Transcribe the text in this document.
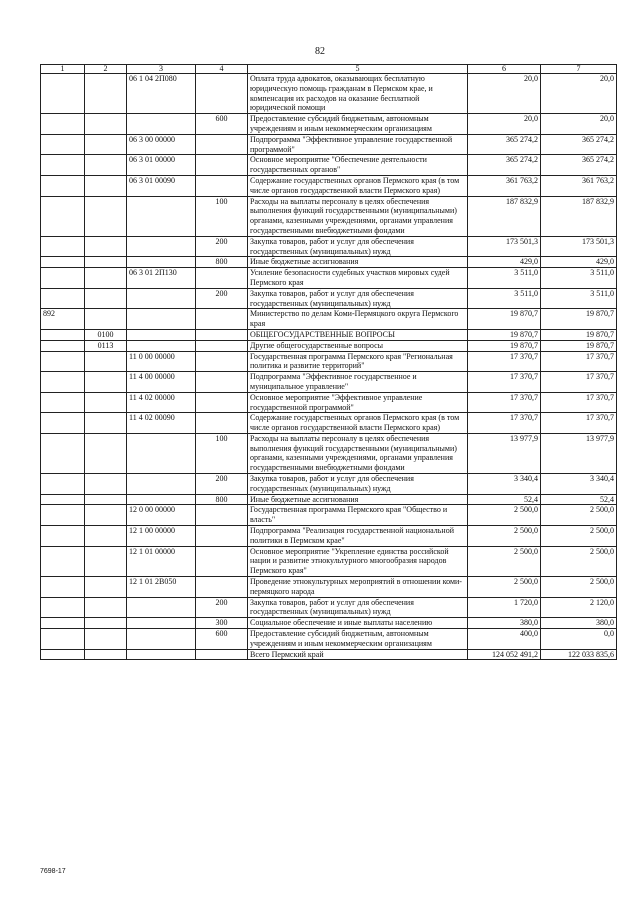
82
1	2	3	4	5	6	7
		06 1 04 2П080		Оплата труда адвокатов, оказывающих бесплатную юридическую помощь гражданам в Пермском крае, и компенсация их расходов на оказание бесплатной юридической помощи	20,0	20,0
			600	Предоставление субсидий бюджетным, автономным учреждениям и иным некоммерческим организациям	20,0	20,0
		06 3 00 00000		Подпрограмма "Эффективное управление государственной программой"	365 274,2	365 274,2
		06 3 01 00000		Основное мероприятие "Обеспечение деятельности государственных органов"	365 274,2	365 274,2
		06 3 01 00090		Содержание государственных органов Пермского края (в том числе органов государственной власти Пермского края)	361 763,2	361 763,2
			100	Расходы на выплаты персоналу в целях обеспечения выполнения функций государственными (муниципальными) органами, казенными учреждениями, органами управления государственными внебюджетными фондами	187 832,9	187 832,9
			200	Закупка товаров, работ и услуг для обеспечения государственных (муниципальных) нужд	173 501,3	173 501,3
			800	Иные бюджетные ассигнования	429,0	429,0
		06 3 01 2П130		Усиление безопасности судебных участков мировых судей Пермского края	3 511,0	3 511,0
			200	Закупка товаров, работ и услуг для обеспечения государственных (муниципальных) нужд	3 511,0	3 511,0
892				Министерство по делам Коми-Пермяцкого округа Пермского края	19 870,7	19 870,7
	0100			ОБЩЕГОСУДАРСТВЕННЫЕ ВОПРОСЫ	19 870,7	19 870,7
	0113			Другие общегосударственные вопросы	19 870,7	19 870,7
		11 0 00 00000		Государственная программа Пермского края "Региональная политика и развитие территорий"	17 370,7	17 370,7
		11 4 00 00000		Подпрограмма "Эффективное государственное и муниципальное управление"	17 370,7	17 370,7
		11 4 02 00000		Основное мероприятие "Эффективное управление государственной программой"	17 370,7	17 370,7
		11 4 02 00090		Содержание государственных органов Пермского края (в том числе органов государственной власти Пермского края)	17 370,7	17 370,7
			100	Расходы на выплаты персоналу в целях обеспечения выполнения функций государственными (муниципальными) органами, казенными учреждениями, органами управления государственными внебюджетными фондами	13 977,9	13 977,9
			200	Закупка товаров, работ и услуг для обеспечения государственных (муниципальных) нужд	3 340,4	3 340,4
			800	Иные бюджетные ассигнования	52,4	52,4
		12 0 00 00000		Государственная программа Пермского края "Общество и власть"	2 500,0	2 500,0
		12 1 00 00000		Подпрограмма "Реализация государственной национальной политики в Пермском крае"	2 500,0	2 500,0
		12 1 01 00000		Основное мероприятие "Укрепление единства российской нации и развитие этнокультурного многообразия народов Пермского края"	2 500,0	2 500,0
		12 1 01 2В050		Проведение этнокультурных мероприятий в отношении коми-пермяцкого народа	2 500,0	2 500,0
			200	Закупка товаров, работ и услуг для обеспечения государственных (муниципальных) нужд	1 720,0	2 120,0
			300	Социальное обеспечение и иные выплаты населению	380,0	380,0
			600	Предоставление субсидий бюджетным, автономным учреждениям и иным некоммерческим организациям	400,0	0,0
				Всего Пермский край	124 052 491,2	122 033 835,6
7698-17
